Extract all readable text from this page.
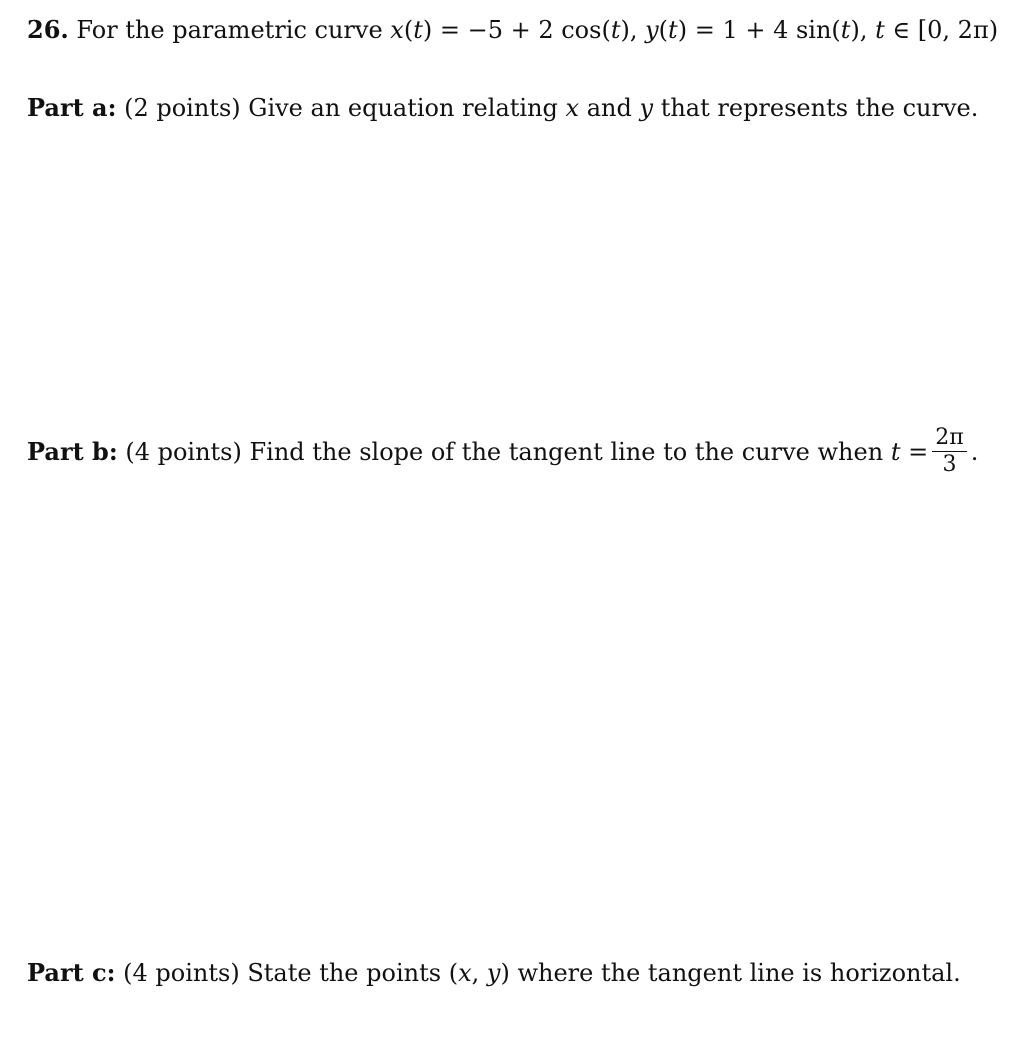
26. For the parametric curve x(t) = −5 + 2 cos(t), y(t) = 1 + 4 sin(t), t ∈ [0, 2π)
Part a: (2 points) Give an equation relating x and y that represents the curve.
Part b: (4 points) Find the slope of the tangent line to the curve when $t = \frac{2\pi}{3}$ .
Part c: (4 points) State the points (x, y) where the tangent line is horizontal.
